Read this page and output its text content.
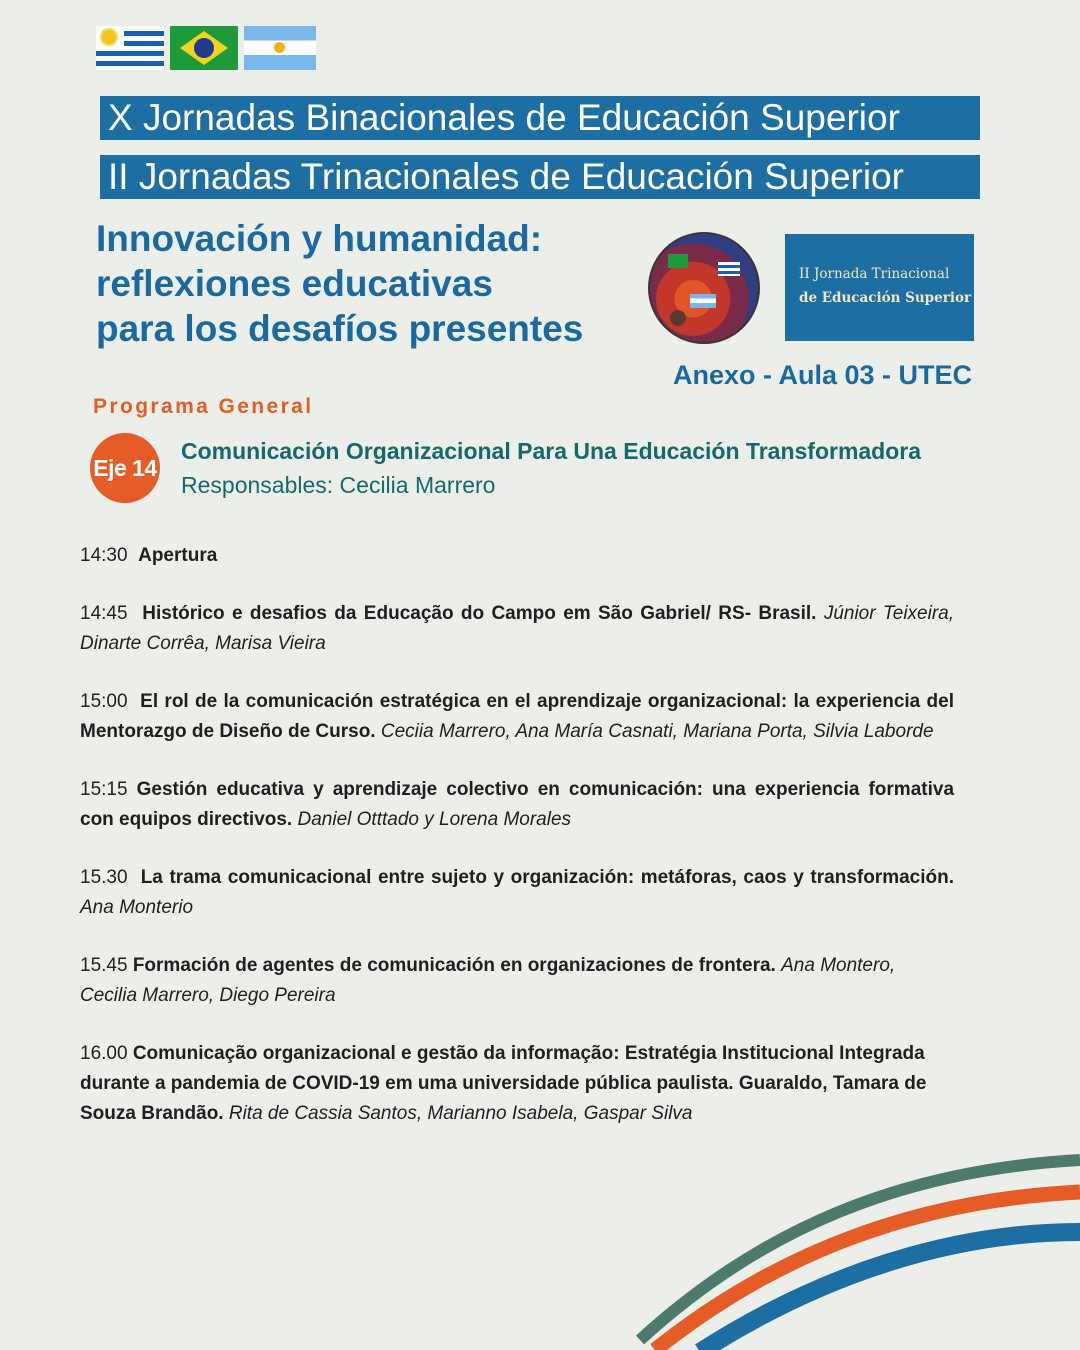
X Jornadas Binacionales de Educación Superior
II Jornadas Trinacionales de Educación Superior
Innovación y humanidad:
reflexiones educativas
para los desafíos presentes
II Jornada Trinacional
de Educación Superior
Anexo - Aula 03 - UTEC
Programa General
Eje 14
Comunicación Organizacional Para Una Educación Transformadora
Responsables: Cecilia Marrero
14:30 Apertura
14:45 Histórico e desafios da Educação do Campo em São Gabriel/ RS- Brasil. Júnior Teixeira, Dinarte Corrêa, Marisa Vieira
15:00 El rol de la comunicación estratégica en el aprendizaje organizacional: la experiencia del Mentorazgo de Diseño de Curso. Ceciia Marrero, Ana María Casnati, Mariana Porta, Silvia Laborde
15:15 Gestión educativa y aprendizaje colectivo en comunicación: una experiencia formativa con equipos directivos. Daniel Otttado y Lorena Morales
15.30 La trama comunicacional entre sujeto y organización: metáforas, caos y transformación. Ana Monterio
15.45 Formación de agentes de comunicación en organizaciones de frontera. Ana Montero, Cecilia Marrero, Diego Pereira
16.00 Comunicação organizacional e gestão da informação: Estratégia Institucional Integrada durante a pandemia de COVID-19 em uma universidade pública paulista. Guaraldo, Tamara de Souza Brandão. Rita de Cassia Santos, Marianno Isabela, Gaspar Silva
